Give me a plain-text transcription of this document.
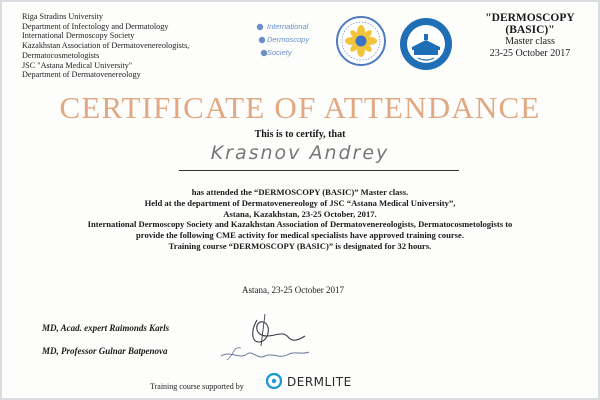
Riga Stradins University
Department of Infectology and Dermatology
International Dermoscopy Society
Kazakhstan Association of Dermatovenereologists,
Dermatocosmetologists
JSC "Astana Medical University"
Department of Dermatovenereology
International
Dermoscopy
Society
"DERMOSCOPY
(BASIC)"
Master class
23-25 October 2017
CERTIFICATE OF ATTENDANCE
This is to certify, that
Krasnov Andrey
has attended the “DERMOSCOPY (BASIC)” Master class.
Held at the department of Dermatovenereology of JSC “Astana Medical University”,
Astana, Kazakhstan, 23-25 October, 2017.
International Dermoscopy Society and Kazakhstan Association of Dermatovenereologists, Dermatocosmetologists to
provide the following CME activity for medical specialists have approved training course.
Training course “DERMOSCOPY (BASIC)” is designated for 32 hours.
Astana, 23-25 October 2017
MD, Acad. expert Raimonds Karls
MD, Professor Gulnar Batpenova
Training course supported by	DERMLITE
